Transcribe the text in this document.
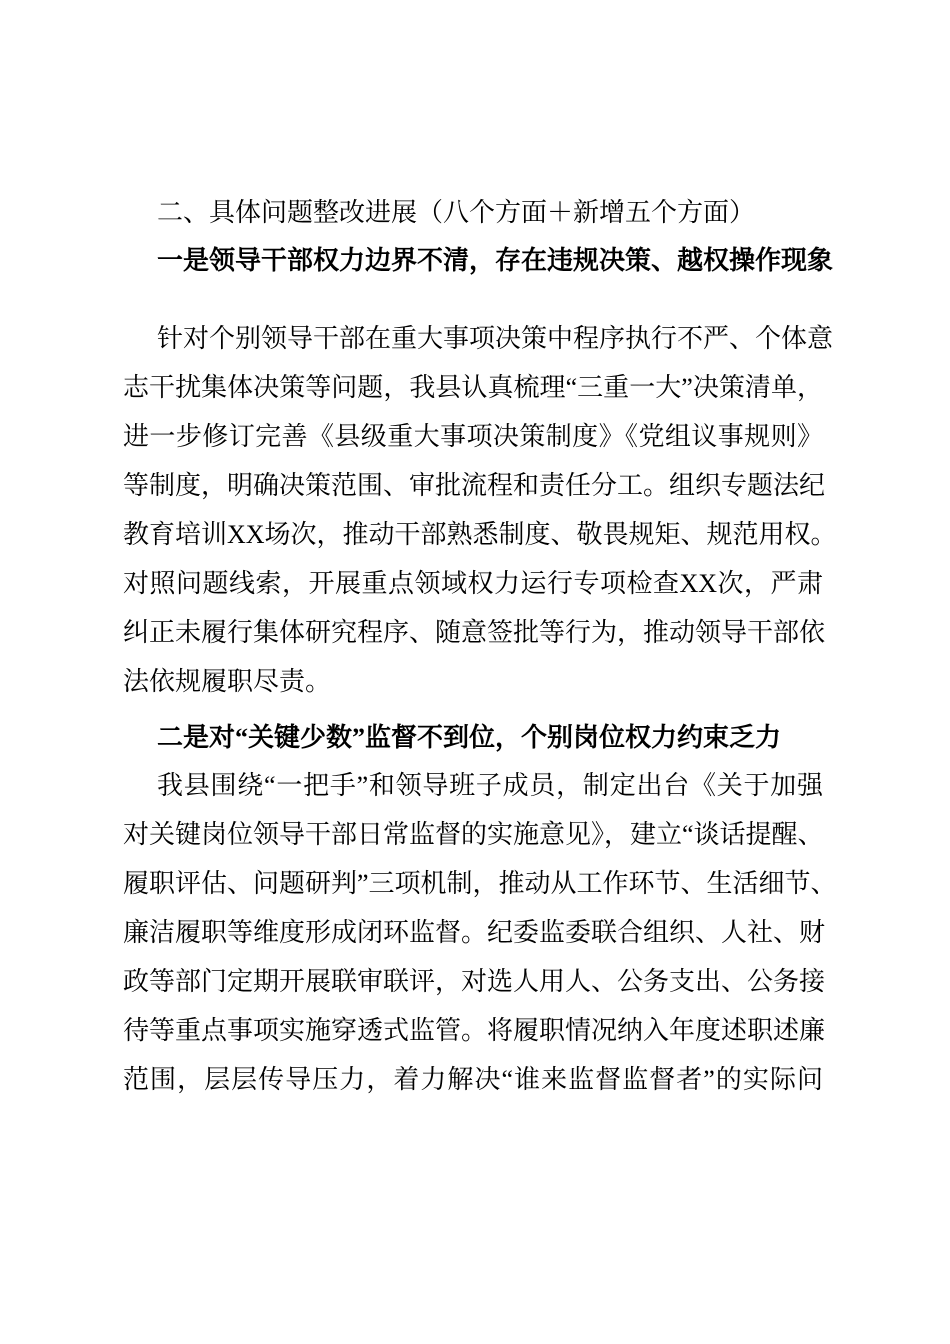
二、具体问题整改进展（八个方面＋新增五个方面）
一是领导干部权力边界不清，存在违规决策、越权操作现象
针对个别领导干部在重大事项决策中程序执行不严、个体意
志干扰集体决策等问题，我县认真梳理“三重一大”决策清单，
进一步修订完善《县级重大事项决策制度》《党组议事规则》
等制度，明确决策范围、审批流程和责任分工。组织专题法纪
教育培训XX场次，推动干部熟悉制度、敬畏规矩、规范用权。
对照问题线索，开展重点领域权力运行专项检查XX次，严肃
纠正未履行集体研究程序、随意签批等行为，推动领导干部依
法依规履职尽责。
二是对“关键少数”监督不到位，个别岗位权力约束乏力
我县围绕“一把手”和领导班子成员，制定出台《关于加强
对关键岗位领导干部日常监督的实施意见》，建立“谈话提醒、
履职评估、问题研判”三项机制，推动从工作环节、生活细节、
廉洁履职等维度形成闭环监督。纪委监委联合组织、人社、财
政等部门定期开展联审联评，对选人用人、公务支出、公务接
待等重点事项实施穿透式监管。将履职情况纳入年度述职述廉
范围，层层传导压力，着力解决“谁来监督监督者”的实际问
